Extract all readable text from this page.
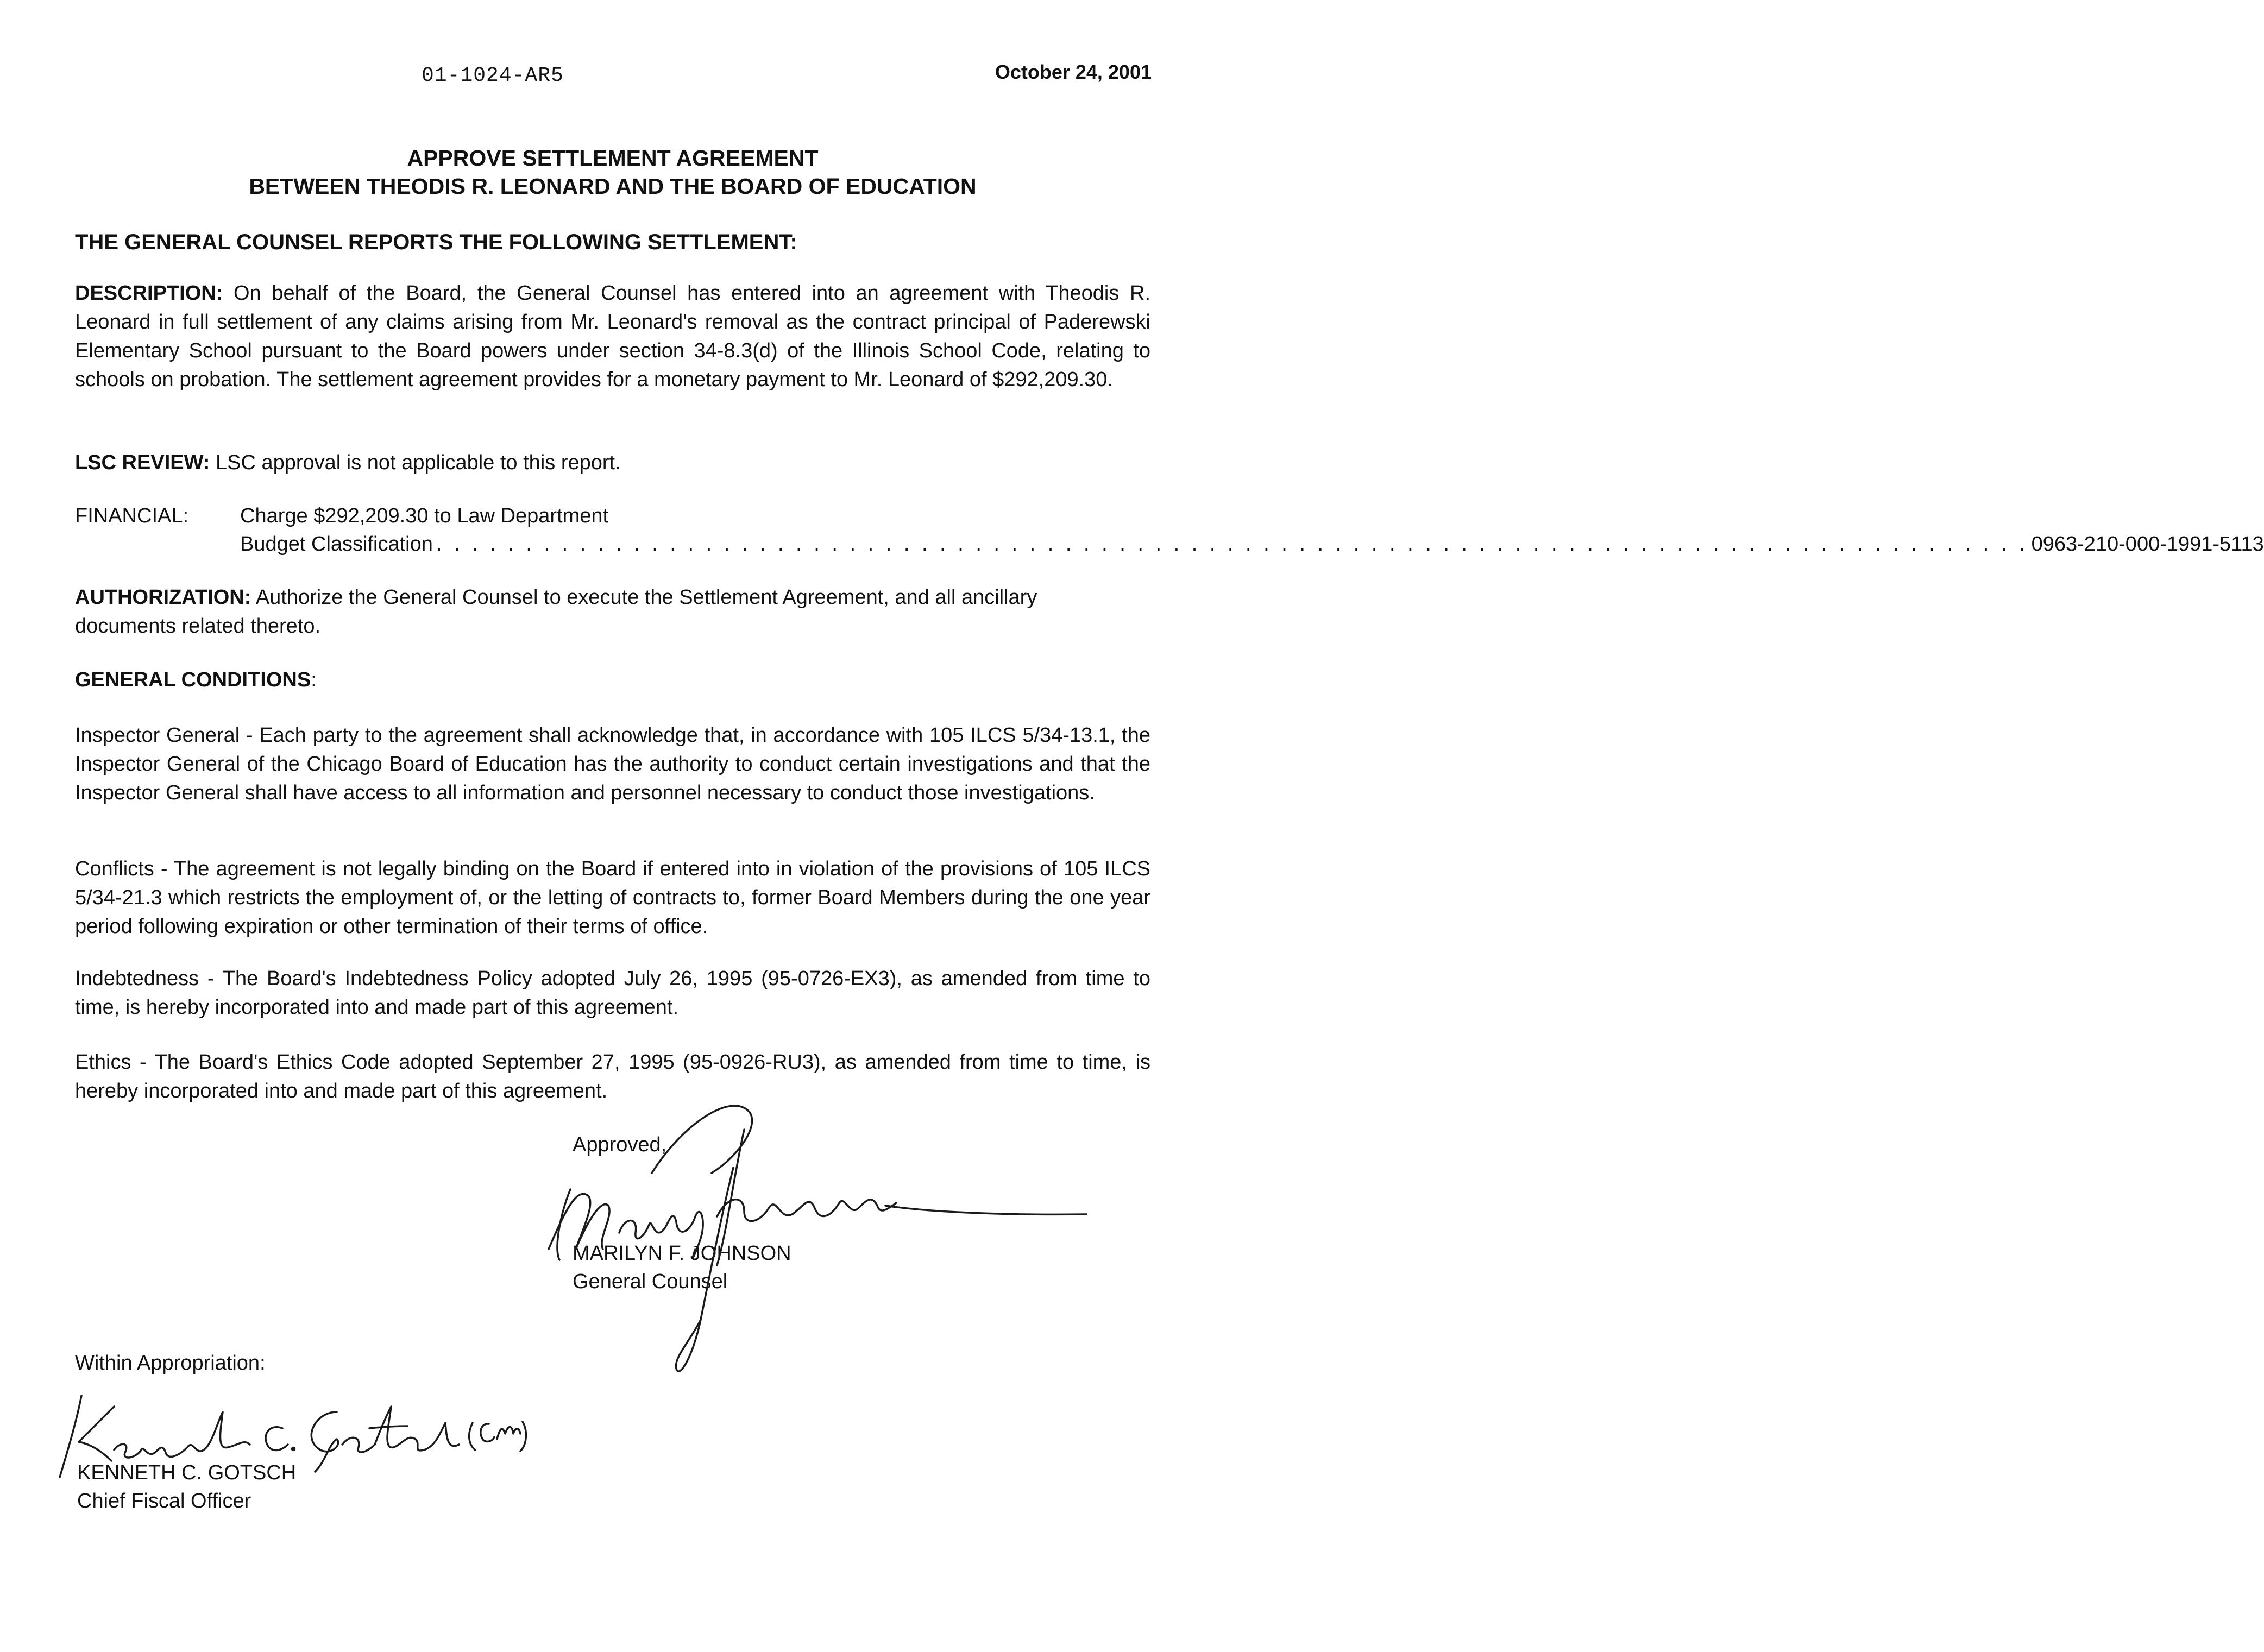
01-1024-AR5	October 24, 2001
APPROVE SETTLEMENT AGREEMENT
BETWEEN THEODIS R. LEONARD AND THE BOARD OF EDUCATION
THE GENERAL COUNSEL REPORTS THE FOLLOWING SETTLEMENT:
DESCRIPTION: On behalf of the Board, the General Counsel has entered into an agreement with Theodis R. Leonard in full settlement of any claims arising from Mr. Leonard's removal as the contract principal of Paderewski Elementary School pursuant to the Board powers under section 34-8.3(d) of the Illinois School Code, relating to schools on probation. The settlement agreement provides for a monetary payment to Mr. Leonard of $292,209.30.
LSC REVIEW: LSC approval is not applicable to this report.
FINANCIAL: Charge $292,209.30 to Law Department
Budget Classification . . . . . . . . . . . . . . . . . . . . . . . . . . . . . . . . . . . . . . . . . . . . . . . . . . . . . . . . . . . . . . . . . . . . . . . . . . . . . . . . . . . . . . . . . 0963-210-000-1991-5113
AUTHORIZATION: Authorize the General Counsel to execute the Settlement Agreement, and all ancillary documents related thereto.
GENERAL CONDITIONS:
Inspector General - Each party to the agreement shall acknowledge that, in accordance with 105 ILCS 5/34-13.1, the Inspector General of the Chicago Board of Education has the authority to conduct certain investigations and that the Inspector General shall have access to all information and personnel necessary to conduct those investigations.
Conflicts - The agreement is not legally binding on the Board if entered into in violation of the provisions of 105 ILCS 5/34-21.3 which restricts the employment of, or the letting of contracts to, former Board Members during the one year period following expiration or other termination of their terms of office.
Indebtedness - The Board's Indebtedness Policy adopted July 26, 1995 (95-0726-EX3), as amended from time to time, is hereby incorporated into and made part of this agreement.
Ethics - The Board's Ethics Code adopted September 27, 1995 (95-0926-RU3), as amended from time to time, is hereby incorporated into and made part of this agreement.
Approved,
MARILYN F. JOHNSON
General Counsel
Within Appropriation:
KENNETH C. GOTSCH
Chief Fiscal Officer
